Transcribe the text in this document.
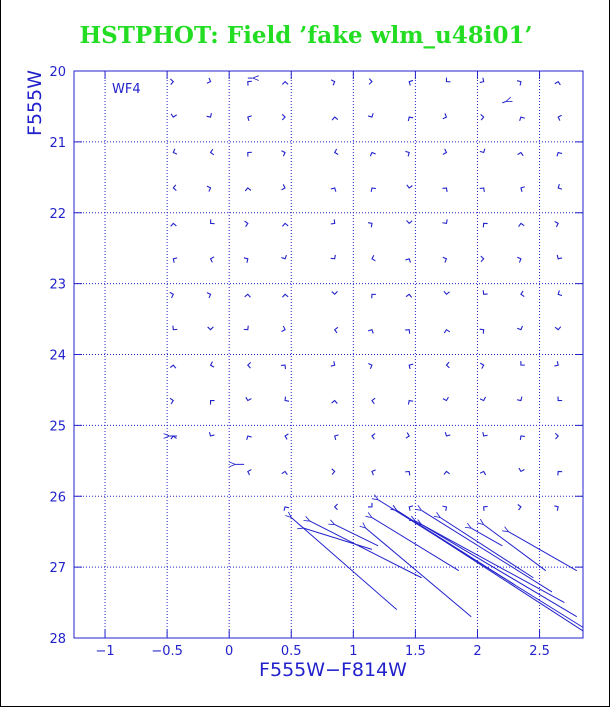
HSTPHOT: Field ’fake wlm_u48i01’
−1	−0.5	0	0.5	1	1.5	2	2.5
20
21
22
23
24
25
26
27
28
WF4
F555W−F814W
F555W
